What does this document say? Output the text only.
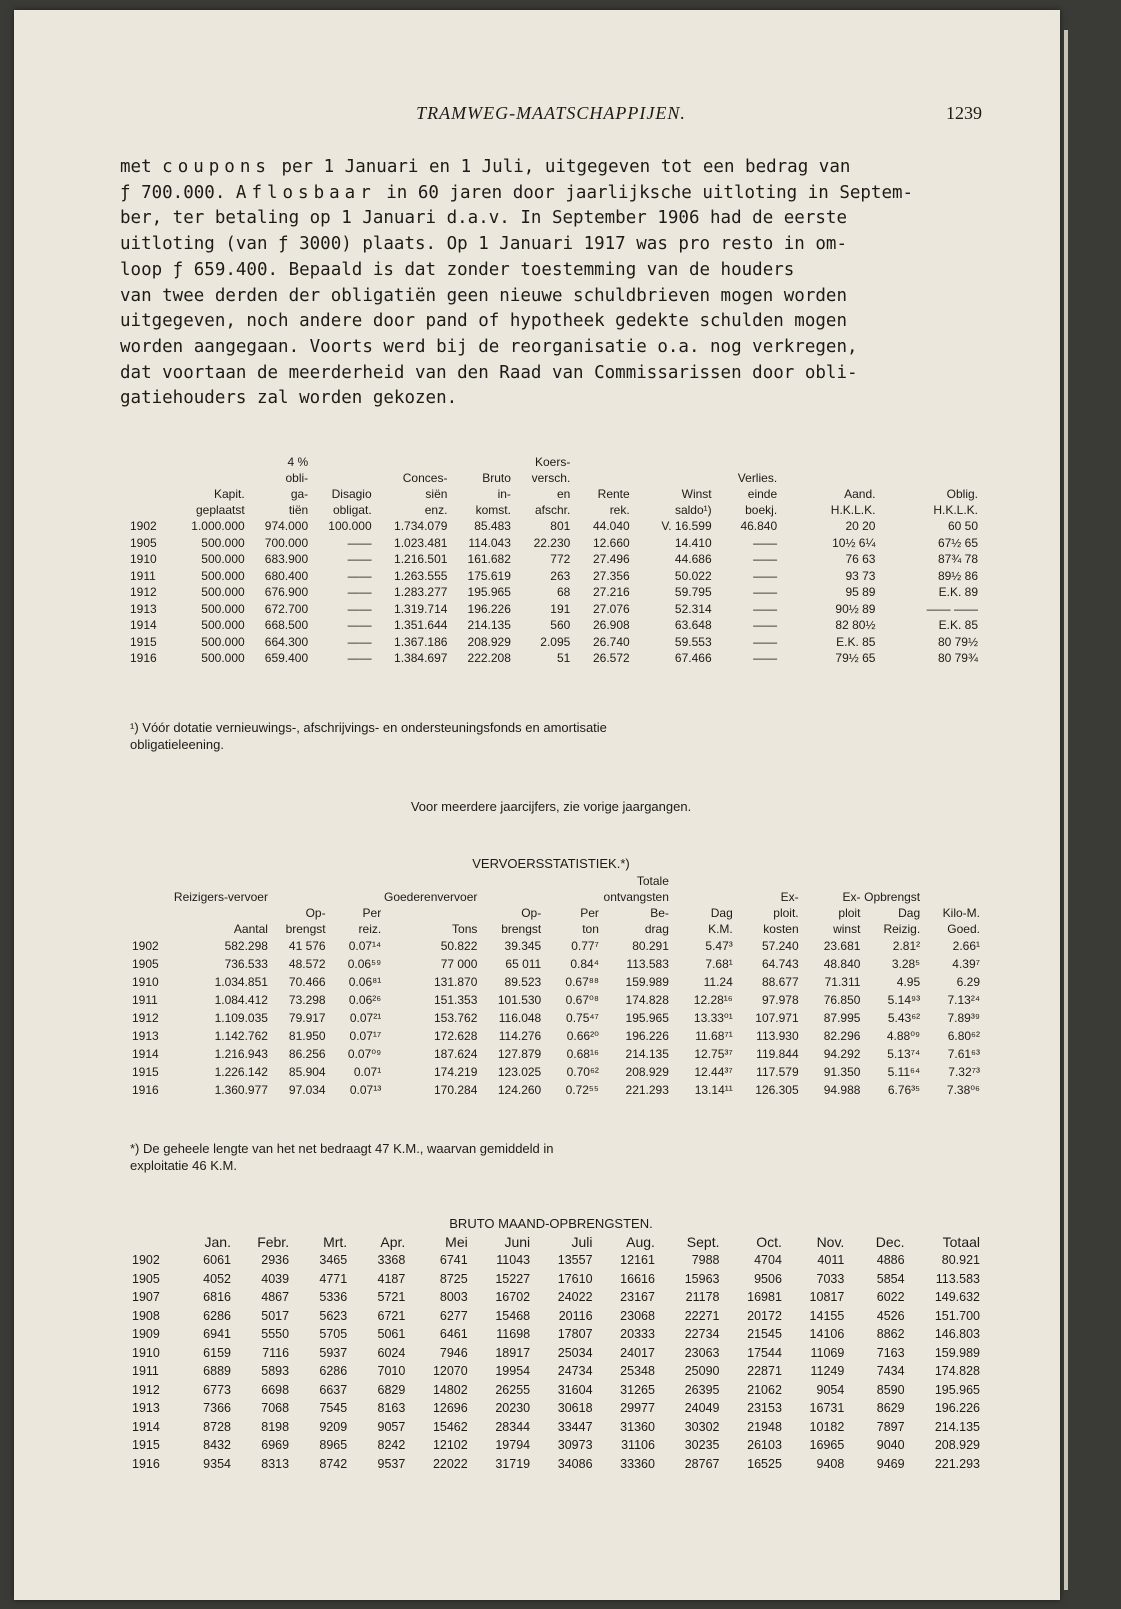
TRAMWEG-MAATSCHAPPIJEN.	1239

met coupons per 1 Januari en 1 Juli, uitgegeven tot een bedrag van
ƒ 700.000. Aflosbaar in 60 jaren door jaarlijksche uitloting in Septem-
ber, ter betaling op 1 Januari d.a.v. In September 1906 had de eerste
uitloting (van ƒ 3000) plaats. Op 1 Januari 1917 was pro resto in om-
loop ƒ 659.400. Bepaald is dat zonder toestemming van de houders
van twee derden der obligatiën geen nieuwe schuldbrieven mogen worden
uitgegeven, noch andere door pand of hypotheek gedekte schulden mogen
worden aangegaan. Voorts werd bij de reorganisatie o.a. nog verkregen,
dat voortaan de meerderheid van den Raad van Commissarissen door obli-
gatiehouders zal worden gekozen.

		4 %				Koers-					
		obli-		Conces-	Bruto	versch.			Verlies.		
	Kapit.	ga-	Disagio	siën	in-	en	Rente	Winst	einde	Aand.	Oblig.
	geplaatst	tiën	obligat.	enz.	komst.	afschr.	rek.	saldo¹)	boekj.	H.K.L.K.	H.K.L.K.
1902	1.000.000	974.000	100.000	1.734.079	85.483	801	44.040	V. 16.599	46.840	20 20	60 50
1905	500.000	700.000	——	1.023.481	114.043	22.230	12.660	14.410	——	10½ 6¼	67½ 65
1910	500.000	683.900	——	1.216.501	161.682	772	27.496	44.686	——	76 63	87¾ 78
1911	500.000	680.400	——	1.263.555	175.619	263	27.356	50.022	——	93 73	89½ 86
1912	500.000	676.900	——	1.283.277	195.965	68	27.216	59.795	——	95 89	E.K. 89
1913	500.000	672.700	——	1.319.714	196.226	191	27.076	52.314	——	90½ 89	—— ——
1914	500.000	668.500	——	1.351.644	214.135	560	26.908	63.648	——	82 80½	E.K. 85
1915	500.000	664.300	——	1.367.186	208.929	2.095	26.740	59.553	——	E.K. 85	80 79½
1916	500.000	659.400	——	1.384.697	222.208	51	26.572	67.466	——	79½ 65	80 79¾
¹) Vóór dotatie vernieuwings-, afschrijvings- en ondersteuningsfonds en amortisatie
obligatieleening.
Voor meerdere jaarcijfers, zie vorige jaargangen.
VERVOERSSTATISTIEK.*)
							Totale					
	Reizigers-vervoer			Goederenvervoer			ontvangsten		Ex-	Ex-	Opbrengst	
		Op-	Per		Op-	Per	Be-	Dag	ploit.	ploit	Dag	Kilo-M.
	Aantal	brengst	reiz.	Tons	brengst	ton	drag	K.M.	kosten	winst	Reizig.	Goed.
1902	582.298	41 576	0.07¹⁴	50.822	39.345	0.77⁷	80.291	5.47³	57.240	23.681	2.81²	2.66¹
1905	736.533	48.572	0.06⁵⁹	77 000	65 011	0.84⁴	113.583	7.68¹	64.743	48.840	3.28⁵	4.39⁷
1910	1.034.851	70.466	0.06⁸¹	131.870	89.523	0.67⁸⁸	159.989	11.24	88.677	71.311	4.95	6.29
1911	1.084.412	73.298	0.06²⁶	151.353	101.530	0.67⁰⁸	174.828	12.28¹⁶	97.978	76.850	5.14⁹³	7.13²⁴
1912	1.109.035	79.917	0.07²¹	153.762	116.048	0.75⁴⁷	195.965	13.33⁰¹	107.971	87.995	5.43⁶²	7.89³⁹
1913	1.142.762	81.950	0.07¹⁷	172.628	114.276	0.66²⁰	196.226	11.68⁷¹	113.930	82.296	4.88⁰⁹	6.80⁶²
1914	1.216.943	86.256	0.07⁰⁹	187.624	127.879	0.68¹⁶	214.135	12.75³⁷	119.844	94.292	5.13⁷⁴	7.61⁶³
1915	1.226.142	85.904	0.07¹	174.219	123.025	0.70⁶²	208.929	12.44³⁷	117.579	91.350	5.11⁶⁴	7.32⁷³
1916	1.360.977	97.034	0.07¹³	170.284	124.260	0.72⁵⁵	221.293	13.14¹¹	126.305	94.988	6.76³⁵	7.38⁰⁶
*) De geheele lengte van het net bedraagt 47 K.M., waarvan gemiddeld in
exploitatie 46 K.M.
BRUTO MAAND-OPBRENGSTEN.
	Jan.	Febr.	Mrt.	Apr.	Mei	Juni	Juli	Aug.	Sept.	Oct.	Nov.	Dec.	Totaal
1902	6061	2936	3465	3368	6741	11043	13557	12161	7988	4704	4011	4886	80.921
1905	4052	4039	4771	4187	8725	15227	17610	16616	15963	9506	7033	5854	113.583
1907	6816	4867	5336	5721	8003	16702	24022	23167	21178	16981	10817	6022	149.632
1908	6286	5017	5623	6721	6277	15468	20116	23068	22271	20172	14155	4526	151.700
1909	6941	5550	5705	5061	6461	11698	17807	20333	22734	21545	14106	8862	146.803
1910	6159	7116	5937	6024	7946	18917	25034	24017	23063	17544	11069	7163	159.989
1911	6889	5893	6286	7010	12070	19954	24734	25348	25090	22871	11249	7434	174.828
1912	6773	6698	6637	6829	14802	26255	31604	31265	26395	21062	9054	8590	195.965
1913	7366	7068	7545	8163	12696	20230	30618	29977	24049	23153	16731	8629	196.226
1914	8728	8198	9209	9057	15462	28344	33447	31360	30302	21948	10182	7897	214.135
1915	8432	6969	8965	8242	12102	19794	30973	31106	30235	26103	16965	9040	208.929
1916	9354	8313	8742	9537	22022	31719	34086	33360	28767	16525	9408	9469	221.293
